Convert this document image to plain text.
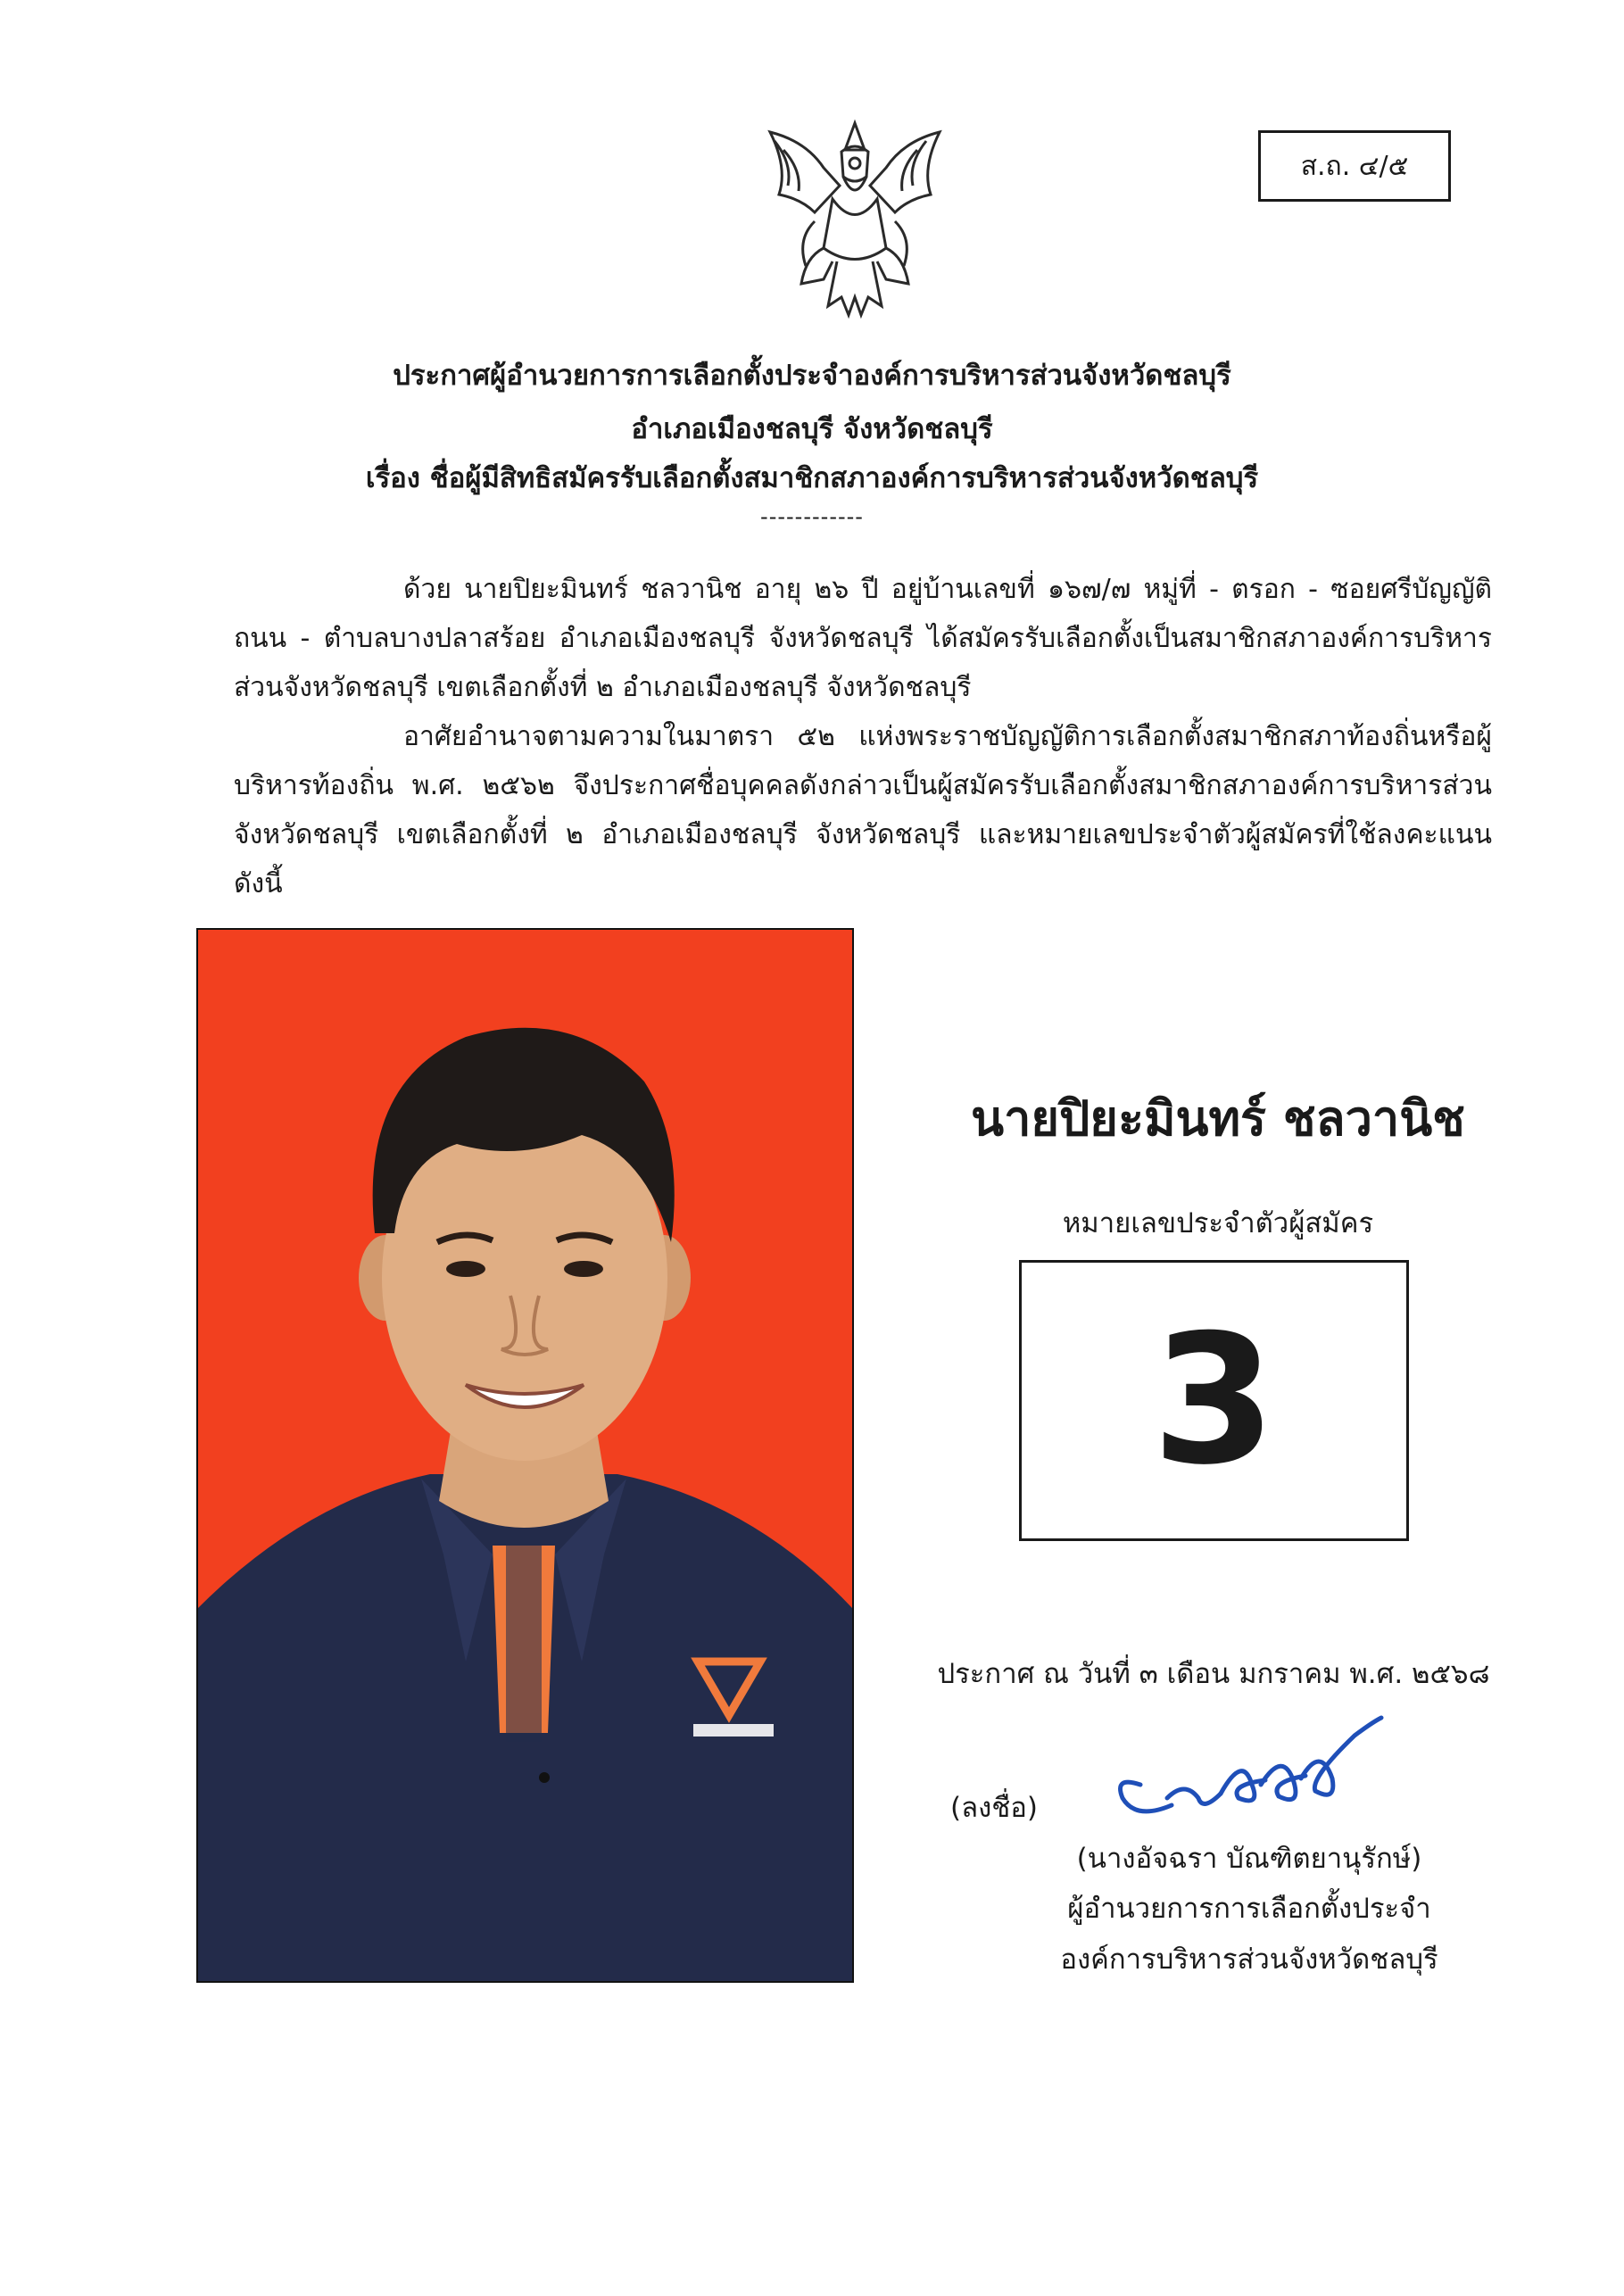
ส.ถ. ๔/๕
ประกาศผู้อำนวยการการเลือกตั้งประจำองค์การบริหารส่วนจังหวัดชลบุรี
อำเภอเมืองชลบุรี จังหวัดชลบุรี
เรื่อง ชื่อผู้มีสิทธิสมัครรับเลือกตั้งสมาชิกสภาองค์การบริหารส่วนจังหวัดชลบุรี
------------

ด้วย นายปิยะมินทร์ ชลวานิช อายุ ๒๖ ปี อยู่บ้านเลขที่ ๑๖๗/๗ หมู่ที่ - ตรอก - ซอยศรีบัญญัติ ถนน - ตำบลบางปลาสร้อย อำเภอเมืองชลบุรี จังหวัดชลบุรี ได้สมัครรับเลือกตั้งเป็นสมาชิกสภาองค์การบริหารส่วนจังหวัดชลบุรี เขตเลือกตั้งที่ ๒ อำเภอเมืองชลบุรี จังหวัดชลบุรี

อาศัยอำนาจตามความในมาตรา ๕๒ แห่งพระราชบัญญัติการเลือกตั้งสมาชิกสภาท้องถิ่นหรือผู้บริหารท้องถิ่น พ.ศ. ๒๕๖๒ จึงประกาศชื่อบุคคลดังกล่าวเป็นผู้สมัครรับเลือกตั้งสมาชิกสภาองค์การบริหารส่วนจังหวัดชลบุรี เขตเลือกตั้งที่ ๒ อำเภอเมืองชลบุรี จังหวัดชลบุรี และหมายเลขประจำตัวผู้สมัครที่ใช้ลงคะแนน ดังนี้

นายปิยะมินทร์ ชลวานิช
หมายเลขประจำตัวผู้สมัคร
3
ประกาศ ณ วันที่ ๓ เดือน มกราคม พ.ศ. ๒๕๖๘
(ลงชื่อ)
(นางอัจฉรา บัณฑิตยานุรักษ์)
ผู้อำนวยการการเลือกตั้งประจำ
องค์การบริหารส่วนจังหวัดชลบุรี
